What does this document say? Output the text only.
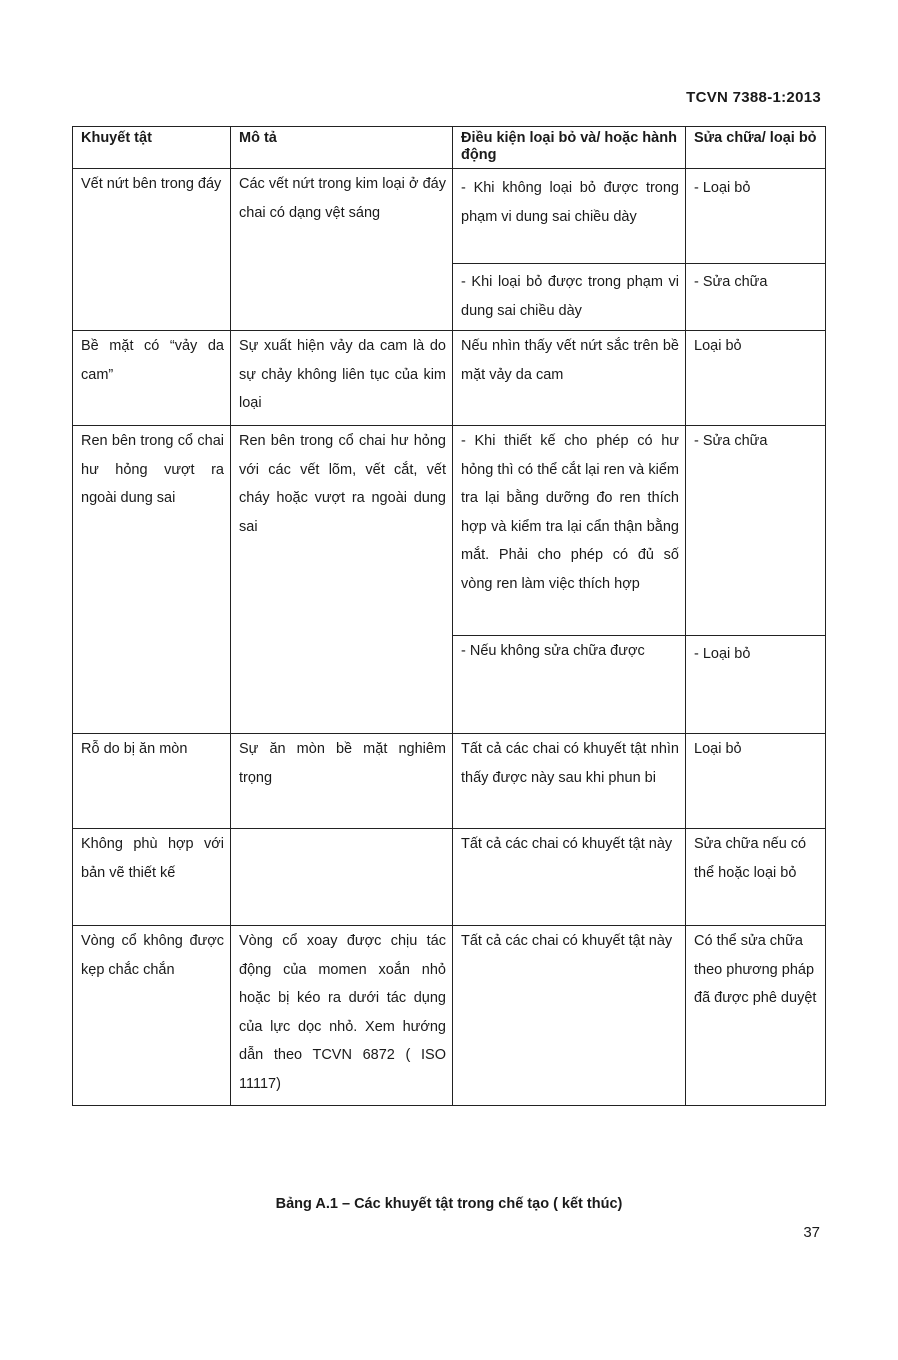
TCVN 7388-1:2013
Khuyết tật	Mô tả	Điều kiện loại bỏ và/ hoặc hành động	Sửa chữa/ loại bỏ
Vết nứt bên trong đáy	Các vết nứt trong kim loại ở đáy chai có dạng vệt sáng	- Khi không loại bỏ được trong phạm vi dung sai chiều dày	- Loại bỏ
		- Khi loại bỏ được trong phạm vi dung sai chiều dày	- Sửa chữa
Bề mặt có “vảy da cam”	Sự xuất hiện vảy da cam là do sự chảy không liên tục của kim loại	Nếu nhìn thấy vết nứt sắc trên bề mặt vảy da cam	Loại bỏ
Ren bên trong cổ chai hư hỏng vượt ra ngoài dung sai	Ren bên trong cổ chai hư hỏng với các vết lõm, vết cắt, vết cháy hoặc vượt ra ngoài dung sai	- Khi thiết kế cho phép có hư hỏng thì có thể cắt lại ren và kiểm tra lại bằng dưỡng đo ren thích hợp và kiểm tra lại cẩn thận bằng mắt. Phải cho phép có đủ số vòng ren làm việc thích hợp	- Sửa chữa
		- Nếu không sửa chữa được	- Loại bỏ
Rỗ do bị ăn mòn	Sự ăn mòn bề mặt nghiêm trọng	Tất cả các chai có khuyết tật nhìn thấy được này sau khi phun bi	Loại bỏ
Không phù hợp với bản vẽ thiết kế		Tất cả các chai có khuyết tật này	Sửa chữa nếu có thể hoặc loại bỏ
Vòng cổ không được kẹp chắc chắn	Vòng cổ xoay được chịu tác động của momen xoắn nhỏ hoặc bị kéo ra dưới tác dụng của lực dọc nhỏ. Xem hướng dẫn theo TCVN 6872 ( ISO 11117)	Tất cả các chai có khuyết tật này	Có thể sửa chữa theo phương pháp đã được phê duyệt
Bảng A.1 – Các khuyết tật trong chế tạo ( kết thúc)
37
